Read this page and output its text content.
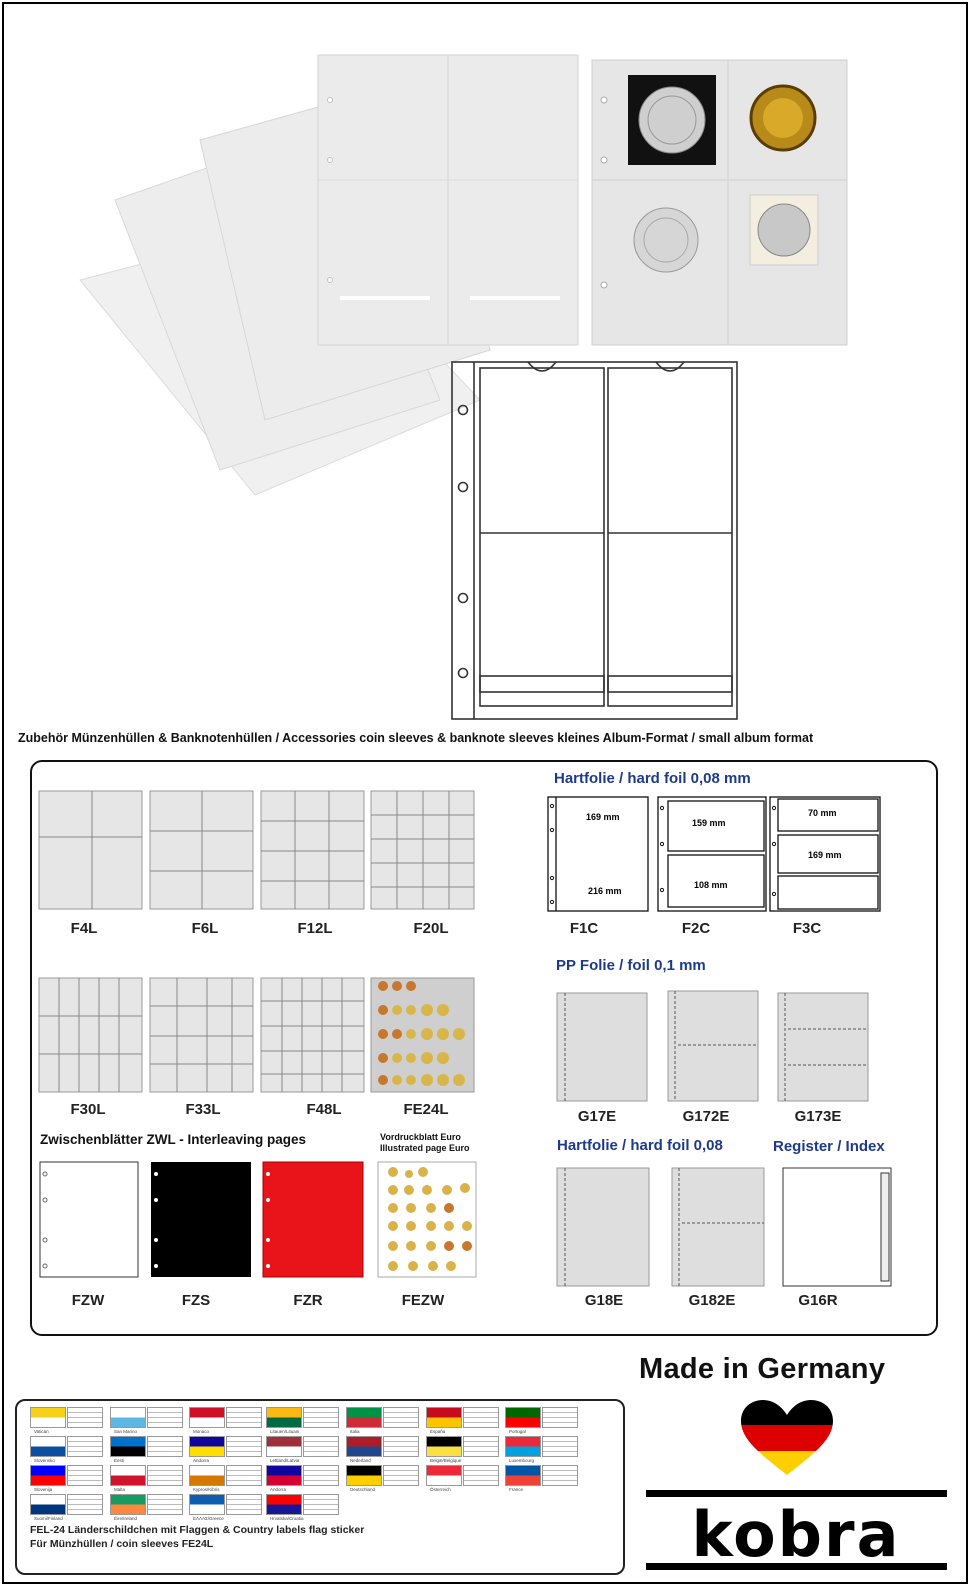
Zubehör Münzenhüllen & Banknotenhüllen / Accessories coin sleeves & banknote sleeves kleines Album-Format / small album format
F4L	F6L	F12L	F20L
F30L	F33L	F48L	FE24L
Zwischenblätter ZWL - Interleaving pages	Vordruckblatt Euro
Illustrated page Euro
FZW	FZS	FZR	FEZW
Hartfolie / hard foil 0,08 mm
169 mm
216 mm
159 mm
108 mm
70 mm
169 mm
F1C	F2C	F3C
PP Folie / foil 0,1 mm
G17E	G172E	G173E
Hartfolie / hard foil 0,08	Register / Index
G18E	G182E	G16R
Vatican	San Marino	Monaco	Litauen/Lituani	Italia	España	Portugal
Slovensko	Eesti	Andorra	Lettland/Latvia	Nederland	België/Belgique	Luxembourg
Slovenija	Malta	Kypros/Kibris	Andorra	Deutschland	Österreich	France
Suomi/Finland	Éire/Ireland	ΕΛΛΑΣ/Greece	Hrvatska/Croatia
FEL-24 Länderschildchen mit Flaggen & Country labels flag sticker
Für Münzhüllen / coin sleeves FE24L
Made in Germany
kobra
